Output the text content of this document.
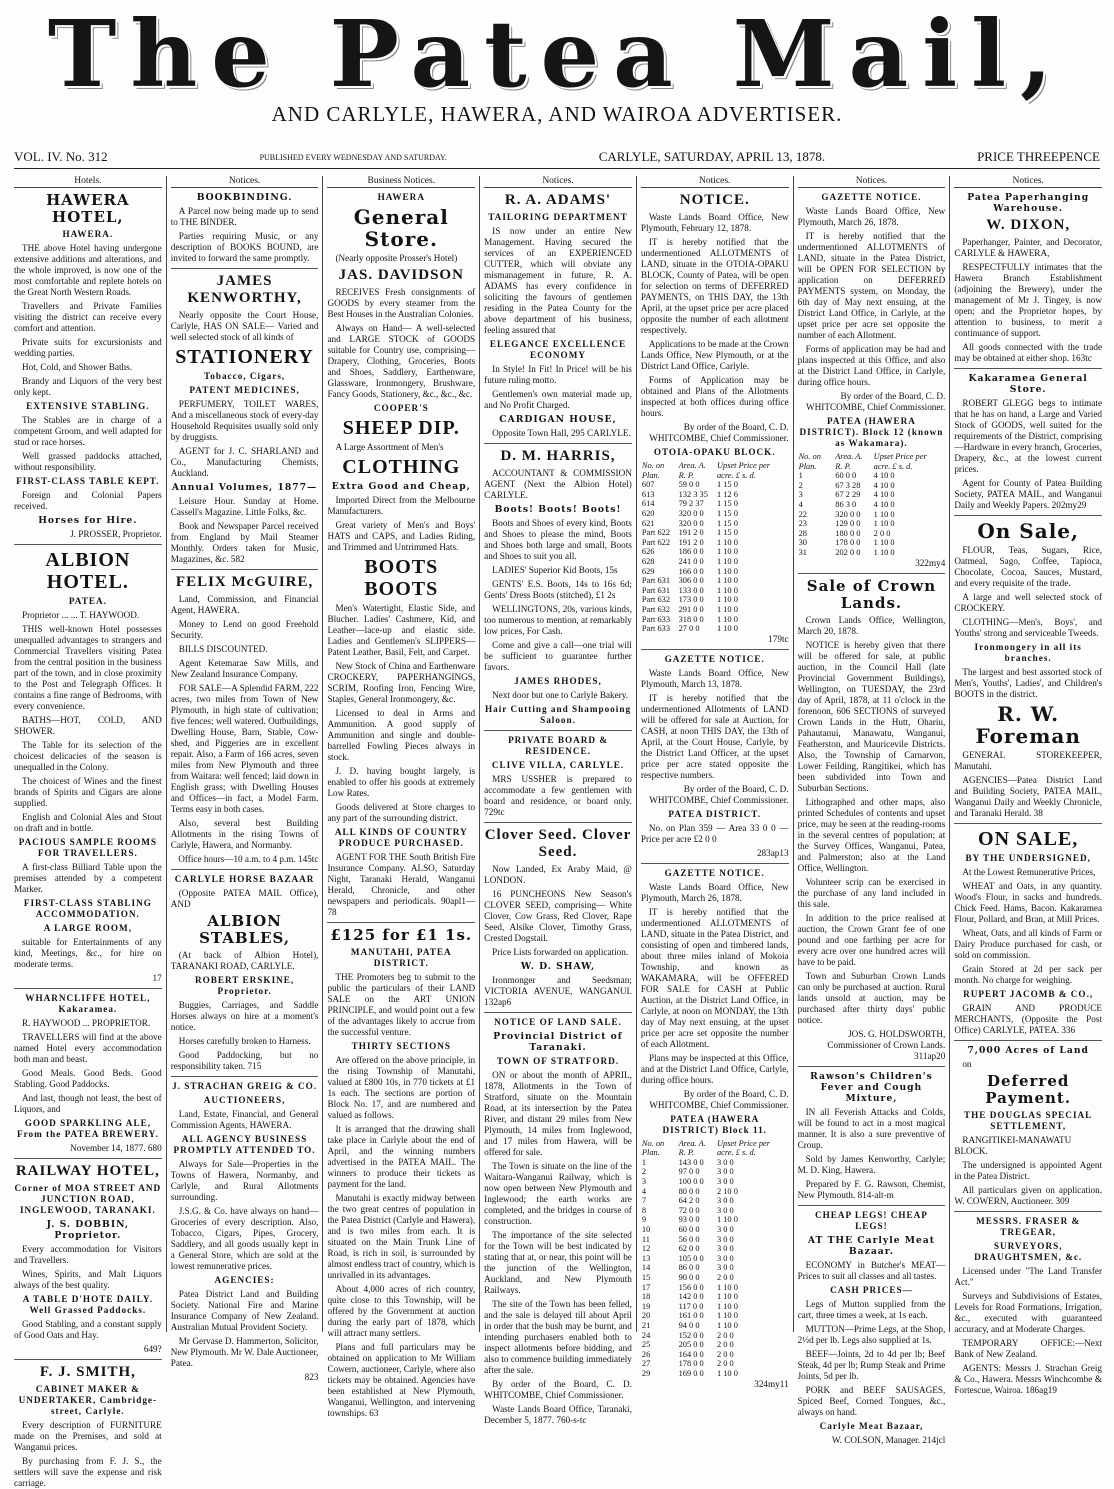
The Patea Mail,
AND CARLYLE, HAWERA, AND WAIROA ADVERTISER.
VOL. IV. No. 312	PUBLISHED EVERY WEDNESDAY AND SATURDAY.	CARLYLE, SATURDAY, APRIL 13, 1878.	PRICE THREEPENCE
Hotels.

HAWERA HOTEL,

HAWERA.

THE above Hotel having undergone extensive additions and alterations, and the whole improved, is now one of the most comfortable and replete hotels on the Great North Western Roads.

Travellers and Private Families visiting the district can receive every comfort and attention.

Private suits for excursionists and wedding parties.

Hot, Cold, and Shower Baths.

Brandy and Liquors of the very best only kept.

EXTENSIVE STABLING.

The Stables are in charge of a competent Groom, and well adapted for stud or race horses.

Well grassed paddocks attached, without responsibility.

FIRST-CLASS TABLE KEPT.

Foreign and Colonial Papers received.

Horses for Hire.

J. PROSSER, Proprietor.

ALBION HOTEL.

PATEA.

Proprietor ... ... T. HAYWOOD.

THIS well-known Hotel possesses unequalled advantages to strangers and Commercial Travellers visiting Patea from the central position in the business part of the town, and in close proximity to the Post and Telegraph Offices. It contains a fine range of Bedrooms, with every convenience.

BATHS—HOT, COLD, AND SHOWER.

The Table for its selection of the choicest delicacies of the season is unequalled in the Colony.

The choicest of Wines and the finest brands of Spirits and Cigars are alone supplied.

English and Colonial Ales and Stout on draft and in bottle.

PACIOUS SAMPLE ROOMS FOR TRAVELLERS.

A first-class Billiard Table upon the premises attended by a competent Marker.

FIRST-CLASS STABLING ACCOMMODATION.

A LARGE ROOM,

suitable for Entertainments of any kind, Meetings, &c., for hire on moderate terms.

17

WHARNCLIFFE HOTEL, Kakaramea.

R. HAYWOOD ... PROPRIETOR.

TRAVELLERS will find at the above named Hotel every accommodation both man and beast.

Good Meals. Good Beds. Good Stabling. Good Paddocks.

And last, though not least, the best of Liquors, and

GOOD SPARKLING ALE, From the PATEA BREWERY.

November 14, 1877. 680

RAILWAY HOTEL,

Corner of MOA STREET AND JUNCTION ROAD, INGLEWOOD, TARANAKI.

J. S. DOBBIN, Proprietor.

Every accommodation for Visitors and Travellers.

Wines, Spirits, and Malt Liquors always of the best quality.

A TABLE D'HOTE DAILY. Well Grassed Paddocks.

Good Stabling, and a constant supply of Good Oats and Hay.

649?

F. J. SMITH,

CABINET MAKER & UNDERTAKER, Cambridge-street, Carlyle.

Every description of FURNITURE made on the Premises, and sold at Wanganui prices.

By purchasing from F. J. S., the settlers will save the expense and risk carriage.

Notices.

BOOKBINDING.

A Parcel now being made up to send to THE BINDER.

Parties requiring Music, or any description of BOOKS BOUND, are invited to forward the same promptly.

JAMES KENWORTHY,

Nearly opposite the Court House, Carlyle, HAS ON SALE— Varied and well selected stock of all kinds of

STATIONERY

Tobacco, Cigars,

PATENT MEDICINES,

PERFUMERY, TOILET WARES, And a miscellaneous stock of every-day Household Requisites usually sold only by druggists.

AGENT for J. C. SHARLAND and Co., Manufacturing Chemists, Auckland.

Annual Volumes, 1877—

Leisure Hour. Sunday at Home. Cassell's Magazine. Little Folks, &c.

Book and Newspaper Parcel received from England by Mail Steamer Monthly. Orders taken for Music, Magazines, &c. 582

FELIX McGUIRE,

Land, Commission, and Financial Agent, HAWERA.

Money to Lend on good Freehold Security.

BILLS DISCOUNTED.

Agent Ketemarae Saw Mills, and New Zealand Insurance Company.

FOR SALE—A Splendid FARM, 222 acres, two miles from Town of New Plymouth, in high state of cultivation; five fences; well watered. Outbuildings, Dwelling House, Barn, Stable, Cow-shed, and Piggeries are in excellent repair. Also, a Farm of 166 acres, seven miles from New Plymouth and three from Waitara: well fenced; laid down in English grass; with Dwelling Houses and Offices—in fact, a Model Farm. Terms easy in both cases.

Also, several best Building Allotments in the rising Towns of Carlyle, Hawera, and Normanby.

Office hours—10 a.m. to 4 p.m. 145tc

CARLYLE HORSE BAZAAR

(Opposite PATEA MAIL Office), AND

ALBION STABLES,

(At back of Albion Hotel), TARANAKI ROAD, CARLYLE.

ROBERT ERSKINE, Proprietor.

Buggies, Carriages, and Saddle Horses always on hire at a moment's notice.

Horses carefully broken to Harness.

Good Paddocking, but no responsibility taken. 715

J. STRACHAN GREIG & CO.

AUCTIONEERS,

Land, Estate, Financial, and General Commission Agents, HAWERA.

ALL AGENCY BUSINESS PROMPTLY ATTENDED TO.

Always for Sale—Properties in the Towns of Hawera, Normanby, and Carlyle, and Rural Allotments surrounding.

J.S.G. & Co. have always on hand—Groceries of every description. Also, Tobacco, Cigars, Pipes, Grocery, Saddlery, and all goods usually kept in a General Store, which are sold at the lowest remunerative prices.

AGENCIES:

Patea District Land and Building Society. National Fire and Marine Insurance Company of New Zealand. Australian Mutual Provident Society.

Mr Gervase D. Hammerton, Solicitor, New Plymouth. Mr W. Dale Auctioneer, Patea.

823

Business Notices.

HAWERA

General Store.

(Nearly opposite Prosser's Hotel)

JAS. DAVIDSON

RECEIVES Fresh consignments of GOODS by every steamer from the Best Houses in the Australian Colonies.

Always on Hand— A well-selected and LARGE STOCK of GOODS suitable for Country use, comprising— Drapery, Clothing, Groceries, Boots and Shoes, Saddlery, Earthenware, Glassware, Ironmongery, Brushware, Fancy Goods, Stationery, &c., &c., &c.

COOPER'S

SHEEP DIP.

A Large Assortment of Men's

CLOTHING

Extra Good and Cheap,

Imported Direct from the Melbourne Manufacturers.

Great variety of Men's and Boys' HATS and CAPS, and Ladies Riding, and Trimmed and Untrimmed Hats.

BOOTS BOOTS

Men's Watertight, Elastic Side, and Blucher. Ladies' Cashmere, Kid, and Leather—lace-up and elastic side. Ladies and Gentlemen's SLIPPERS—Patent Leather, Basil, Felt, and Carpet.

New Stock of China and Earthenware CROCKERY, PAPERHANGINGS, SCRIM, Roofing Iron, Fencing Wire, Staples, General Ironmongery, &c.

Licensed to deal in Arms and Ammunition. A good supply of Ammunition and single and double-barrelled Fowling Pieces always in stock.

J. D. having bought largely, is enabled to offer his goods at extremely Low Rates.

Goods delivered at Store charges to any part of the surrounding district.

ALL KINDS OF COUNTRY PRODUCE PURCHASED.

AGENT FOR THE South British Fire Insurance Company. ALSO, Saturday Night, Taranaki Herald, Wanganui Herald, Chronicle, and other newspapers and periodicals. 90apl1—78

£125 for £1 1s.

MANUTAHI, PATEA DISTRICT.

THE Promoters beg to submit to the public the particulars of their LAND SALE on the ART UNION PRINCIPLE, and would point out a few of the advantages likely to accrue from the successful venture.

THIRTY SECTIONS

Are offered on the above principle, in the rising Township of Manutahi, valued at £800 10s, in 770 tickets at £1 1s each. The sections are portion of Block No. 17, and are numbered and valued as follows.

It is arranged that the drawing shall take place in Carlyle about the end of April, and the winning numbers advertised in the PATEA MAIL. The winners to produce their tickets as payment for the land.

Manutahi is exactly midway between the two great centres of population in the Patea District (Carlyle and Hawera), and is two miles from each. It is situated on the Main Trunk Line of Road, is rich in soil, is surrounded by almost endless tract of country, which is unrivalled in its advantages.

About 4,000 acres of rich country, quite close to this Township, will be offered by the Government at auction during the early part of 1878, which will attract many settlers.

Plans and full particulars may be obtained on application to Mr William Cowern, auctioneer, Carlyle, where also tickets may be obtained. Agencies have been established at New Plymouth, Wanganui, Wellington, and intervening townships. 63

Notices.

R. A. ADAMS'

TAILORING DEPARTMENT

IS now under an entire New Management. Having secured the services of an EXPERIENCED CUTTER, which will obviate any mismanagement in future, R. A. ADAMS has every confidence in soliciting the favours of gentlemen residing in the Patea County for the above department of his business, feeling assured that

ELEGANCE EXCELLENCE ECONOMY

In Style! In Fit! In Price! will be his future ruling motto.

Gentlemen's own material made up, and No Profit Charged.

CARDIGAN HOUSE,

Opposite Town Hall, 295 CARLYLE.

D. M. HARRIS,

ACCOUNTANT & COMMISSION AGENT (Next the Albion Hotel) CARLYLE.

Boots! Boots! Boots!

Boots and Shoes of every kind, Boots and Shoes to please the mind, Boots and Shoes both large and small, Boots and Shoes to suit you all.

LADIES' Superior Kid Boots, 15s

GENTS' E.S. Boots, 14s to 16s 6d; Gents' Dress Boots (stitched), £1 2s

WELLINGTONS, 20s, various kinds, too numerous to mention, at remarkably low prices, For Cash.

Come and give a call—one trial will be sufficient to guarantee further favors.

JAMES RHODES,

Next door but one to Carlyle Bakery.

Hair Cutting and Shampooing Saloon.

PRIVATE BOARD & RESIDENCE.

CLIVE VILLA, CARLYLE.

MRS USSHER is prepared to accommodate a few gentlemen with board and residence, or board only. 729tc

Clover Seed. Clover Seed.

Now Landed, Ex Araby Maid, @ LONDON.

16 PUNCHEONS New Season's CLOVER SEED, comprising— White Clover, Cow Grass, Red Clover, Rape Seed, Alsike Clover, Timothy Grass, Crested Dogstail.

Price Lists forwarded on application.

W. D. SHAW,

Ironmonger and Seedsman; VICTORIA AVENUE, WANGANUI. 132ap6

NOTICE OF LAND SALE.

Provincial District of Taranaki.

TOWN OF STRATFORD.

ON or about the month of APRIL, 1878, Allotments in the Town of Stratford, situate on the Mountain Road, at its intersection by the Patea River, and distant 29 miles from New Plymouth, 14 miles from Inglewood, and 17 miles from Hawera, will be offered for sale.

The Town is situate on the line of the Waitara-Wanganui Railway, which is now open between New Plymouth and Inglewood; the earth works are completed, and the bridges in course of construction.

The importance of the site selected for the Town will be best indicated by stating that at, or near, this point will be the junction of the Wellington, Auckland, and New Plymouth Railways.

The site of the Town has been felled, and the sale is delayed till about April in order that the bush may be burnt, and intending purchasers enabled both to inspect allotments before bidding, and also to commence building immediately after the sale.

By order of the Board, C. D. WHITCOMBE, Chief Commissioner.

Waste Lands Board Office, Taranaki, December 5, 1877. 760-s-tc

Notices.

NOTICE.

Waste Lands Board Office, New Plymouth, February 12, 1878.

IT is hereby notified that the undermentioned ALLOTMENTS of LAND, situate in the OTOIA-OPAKU BLOCK, County of Patea, will be open for selection on terms of DEFERRED PAYMENTS, on THIS DAY, the 13th April, at the upset price per acre placed opposite the number of each allotment respectively.

Applications to be made at the Crown Lands Office, New Plymouth, or at the District Land Office, Carlyle.

Forms of Application may be obtained and Plans of the Allotments inspected at both offices during office hours.

By order of the Board, C. D. WHITCOMBE, Chief Commissioner.

OTOIA-OPAKU BLOCK.

No. on Plan.	Area. A. R. P.	Upset Price per acre. £ s. d.
607	59 0 0	1 15 0
613	132 3 35	1 12 6
614	79 2 37	1 15 0
620	320 0 0	1 15 0
621	320 0 0	1 15 0
Part 622	191 2 0	1 15 0
Part 622	191 2 0	1 10 0
626	186 0 0	1 10 0
628	241 0 0	1 10 0
629	166 0 0	1 10 0
Part 631	306 0 0	1 10 0
Part 631	133 0 0	1 10 0
Part 632	173 0 0	1 10 0
Part 632	291 0 0	1 10 0
Part 633	318 0 0	1 10 0
Part 633	27 0 0	1 10 0

179tc

GAZETTE NOTICE.

Waste Lands Board Office, New Plymouth, March 13, 1878.

IT is hereby notified that the undermentioned Allotments of LAND will be offered for sale at Auction, for CASH, at noon THIS DAY, the 13th of April, at the Court House, Carlyle, by the District Land Officer, at the upset price per acre stated opposite the respective numbers.

By order of the Board, C. D. WHITCOMBE, Chief Commissioner.

PATEA DISTRICT.

No. on Plan 359 — Area 33 0 0 — Price per acre £2 0 0

283ap13

GAZETTE NOTICE.

Waste Lands Board Office, New Plymouth, March 26, 1878.

IT is hereby notified that the undermentioned ALLOTMENTS of LAND, situate in the Patea District, and consisting of open and timbered lands, about three miles inland of Mokoia Township, and known as WAKAMARA, will be OFFERED FOR SALE for CASH at Public Auction, at the District Land Office, in Carlyle, at noon on MONDAY, the 13th day of May next ensuing, at the upset price per acre set opposite the number of each Allotment.

Plans may be inspected at this Office, and at the District Land Office, Carlyle, during office hours.

By order of the Board, C. D. WHITCOMBE, Chief Commissioner.

PATEA (HAWERA DISTRICT) Block 11.

No. on Plan.	Area. A. R. P.	Upset Price per acre. £ s. d.
1	143 0 0	3 0 0
2	97 0 0	3 0 0
3	100 0 0	3 0 0
4	80 0 0	2 10 0
7	64 2 0	3 0 0
8	72 0 0	3 0 0
9	93 0 0	1 10 0
10	60 0 0	3 0 0
11	56 0 0	3 0 0
12	62 0 0	3 0 0
13	105 0 0	3 0 0
14	86 0 0	3 0 0
15	90 0 0	2 0 0
17	156 0 0	1 10 0
18	142 0 0	1 10 0
19	117 0 0	1 10 0
20	161 0 0	1 10 0
21	94 0 0	1 10 0
24	152 0 0	2 0 0
25	205 0 0	2 0 0
26	164 0 0	2 0 0
27	178 0 0	2 0 0
29	169 0 0	1 10 0

324my11

Notices.

GAZETTE NOTICE.

Waste Lands Board Office, New Plymouth, March 26, 1878.

IT is hereby notified that the undermentioned ALLOTMENTS of LAND, situate in the Patea District, will be OPEN FOR SELECTION by application on DEFERRED PAYMENTS system, on Monday, the 6th day of May next ensuing, at the District Land Office, in Carlyle, at the upset price per acre set opposite the number of each Allotment.

Forms of application may be had and plans inspected at this Office, and also at the District Land Office, in Carlyle, during office hours.

By order of the Board, C. D. WHITCOMBE, Chief Commissioner.

PATEA (HAWERA DISTRICT). Block 12 (known as Wakamara).

No. on Plan.	Area. A. R. P.	Upset Price per acre. £ s. d.
1	60 0 0	4 10 0
2	67 3 28	4 10 0
3	67 2 29	4 10 0
4	86 3 0	4 10 0
22	320 0 0	1 10 0
23	129 0 0	1 10 0
28	180 0 0	2 0 0
30	178 0 0	1 10 0
31	202 0 0	1 10 0

322my4

Sale of Crown Lands.

Crown Lands Office, Wellington, March 20, 1878.

NOTICE is hereby given that there will be offered for sale, at public auction, in the Council Hall (late Provincial Government Buildings), Wellington, on TUESDAY, the 23rd day of April, 1878, at 11 o'clock in the forenoon, 606 SECTIONS of surveyed Crown Lands in the Hutt, Ohariu, Pahautanui, Manawatu, Wanganui, Featherston, and Mauricevile Districts. Also, the Township of Carnarvon, Lower Feilding, Rangitikei, which has been subdivided into Town and Suburban Sections.

Lithographed and other maps, also printed Schedules of contents and upset price, may be seen at the reading-rooms in the several centres of population; at the Survey Offices, Wanganui, Patea, and Palmerston; also at the Land Office, Wellington.

Volunteer scrip can be exercised in the purchase of any land included in this sale.

In addition to the price realised at auction, the Crown Grant fee of one pound and one farthing per acre for every acre over one hundred acres will have to be paid.

Town and Suburban Crown Lands can only be purchased at auction. Rural lands unsold at auction, may be purchased after thirty days' public notice.

JOS. G. HOLDSWORTH, Commissioner of Crown Lands. 311ap20

Rawson's Children's Fever and Cough Mixture,

IN all Feverish Attacks and Colds, will be found to act in a most magical manner. It is also a sure preventive of Croup.

Sold by James Kenworthy, Carlyle; M. D. King, Hawera.

Prepared by F. G. Rawson, Chemist, New Plymouth. 814-alt-m

CHEAP LEGS! CHEAP LEGS!

AT THE Carlyle Meat Bazaar.

ECONOMY in Butcher's MEAT—Prices to suit all classes and all tastes.

CASH PRICES—

Legs of Mutton supplied from the cart, three times a week, at 1s each.

MUTTON—Prime Legs, at the Shop, 2½d per lb. Legs also supplied at 1s.

BEEF—Joints, 2d to 4d per lb; Beef Steak, 4d per lb; Rump Steak and Prime Joints, 5d per lb.

PORK and BEEF SAUSAGES, Spiced Beef, Corned Tongues, &c., always on hand.

Carlyle Meat Bazaar,

W. COLSON, Manager. 214jcl

Notices.

Patea Paperhanging Warehouse.

W. DIXON,

Paperhanger, Painter, and Decorator, CARLYLE & HAWERA,

RESPECTFULLY intimates that the Hawera Branch Establishment (adjoining the Brewery), under the management of Mr J. Tingey, is now open; and the Proprietor hopes, by attention to business, to merit a continuance of support.

All goods connected with the trade may be obtained at either shop. 163tc

Kakaramea General Store.

ROBERT GLEGG begs to intimate that he has on hand, a Large and Varied Stock of GOODS, well suited for the requirements of the District, comprising—Hardware in every branch, Groceries, Drapery, &c., at the lowest current prices.

Agent for County of Patea Building Society, PATEA MAIL, and Wanganui Daily and Weekly Papers. 202my29

On Sale,

FLOUR, Teas, Sugars, Rice, Oatmeal, Sago, Coffee, Tapioca, Chocolate, Cocoa, Sauces, Mustard, and every requisite of the trade.

A large and well selected stock of CROCKERY.

CLOTHING—Men's, Boys', and Youths' strong and serviceable Tweeds.

Ironmongery in all its branches.

The largest and best assorted stock of Men's, Youths', Ladies', and Children's BOOTS in the district.

R. W. Foreman

GENERAL STOREKEEPER, Manutahi.

AGENCIES—Patea District Land and Building Society, PATEA MAIL, Wanganui Daily and Weekly Chronicle, and Taranaki Herald. 38

ON SALE,

BY THE UNDERSIGNED,

At the Lowest Remunerative Prices,

WHEAT and Oats, in any quantity. Wood's Flour, in sacks and hundreds. Chick Feed. Hams, Bacon. Kakaramea Flour, Pollard, and Bran, at Mill Prices.

Wheat, Oats, and all kinds of Farm or Dairy Produce purchased for cash, or sold on commission.

Grain Stored at 2d per sack per month. No charge for weighing.

RUPERT JACOMB & CO.,

GRAIN AND PRODUCE MERCHANTS, (Opposite the Post Office) CARLYLE, PATEA. 336

7,000 Acres of Land

on

Deferred Payment.

THE DOUGLAS SPECIAL SETTLEMENT,

RANGITIKEI-MANAWATU BLOCK.

The undersigned is appointed Agent in the Patea District.

All particulars given on application. W. COWERN, Auctioneer. 309

MESSRS. FRASER & TREGEAR,

SURVEYORS, DRAUGHTSMEN, &c.

Licensed under "The Land Transfer Act."

Surveys and Subdivisions of Estates, Levels for Road Formations, Irrigation, &c., executed with guaranteed accuracy, and at Moderate Charges.

TEMPORARY OFFICE:—Next Bank of New Zealand.

AGENTS: Messrs J. Strachan Greig & Co., Hawera. Messrs Winchcombe & Fortescue, Wairoa. 186ag19
